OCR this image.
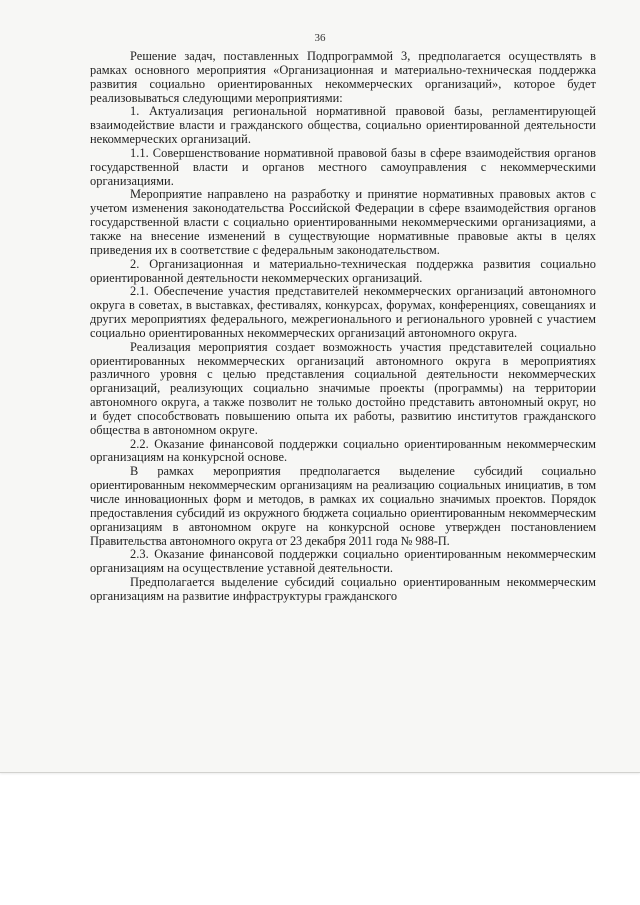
36

Решение задач, поставленных Подпрограммой 3, предполагается осуществлять в рамках основного мероприятия «Организационная и материально-техническая поддержка развития социально ориентированных некоммерческих организаций», которое будет реализовываться следующими мероприятиями:

1. Актуализация региональной нормативной правовой базы, регламентирующей взаимодействие власти и гражданского общества, социально ориентированной деятельности некоммерческих организаций.

1.1. Совершенствование нормативной правовой базы в сфере взаимодействия органов государственной власти и органов местного самоуправления с некоммерческими организациями.

Мероприятие направлено на разработку и принятие нормативных правовых актов с учетом изменения законодательства Российской Федерации в сфере взаимодействия органов государственной власти с социально ориентированными некоммерческими организациями, а также на внесение изменений в существующие нормативные правовые акты в целях приведения их в соответствие с федеральным законодательством.

2. Организационная и материально-техническая поддержка развития социально ориентированной деятельности некоммерческих организаций.

2.1. Обеспечение участия представителей некоммерческих организаций автономного округа в советах, в выставках, фестивалях, конкурсах, форумах, конференциях, совещаниях и других мероприятиях федерального, межрегионального и регионального уровней с участием социально ориентированных некоммерческих организаций автономного округа.

Реализация мероприятия создает возможность участия представителей социально ориентированных некоммерческих организаций автономного округа в мероприятиях различного уровня с целью представления социальной деятельности некоммерческих организаций, реализующих социально значимые проекты (программы) на территории автономного округа, а также позволит не только достойно представить автономный округ, но и будет способствовать повышению опыта их работы, развитию институтов гражданского общества в автономном округе.

2.2. Оказание финансовой поддержки социально ориентированным некоммерческим организациям на конкурсной основе.

В рамках мероприятия предполагается выделение субсидий социально ориентированным некоммерческим организациям на реализацию социальных инициатив, в том числе инновационных форм и методов, в рамках их социально значимых проектов. Порядок предоставления субсидий из окружного бюджета социально ориентированным некоммерческим организациям в автономном округе на конкурсной основе утвержден постановлением Правительства автономного округа от 23 декабря 2011 года № 988-П.

2.3. Оказание финансовой поддержки социально ориентированным некоммерческим организациям на осуществление уставной деятельности.

Предполагается выделение субсидий социально ориентированным некоммерческим организациям на развитие инфраструктуры гражданского
